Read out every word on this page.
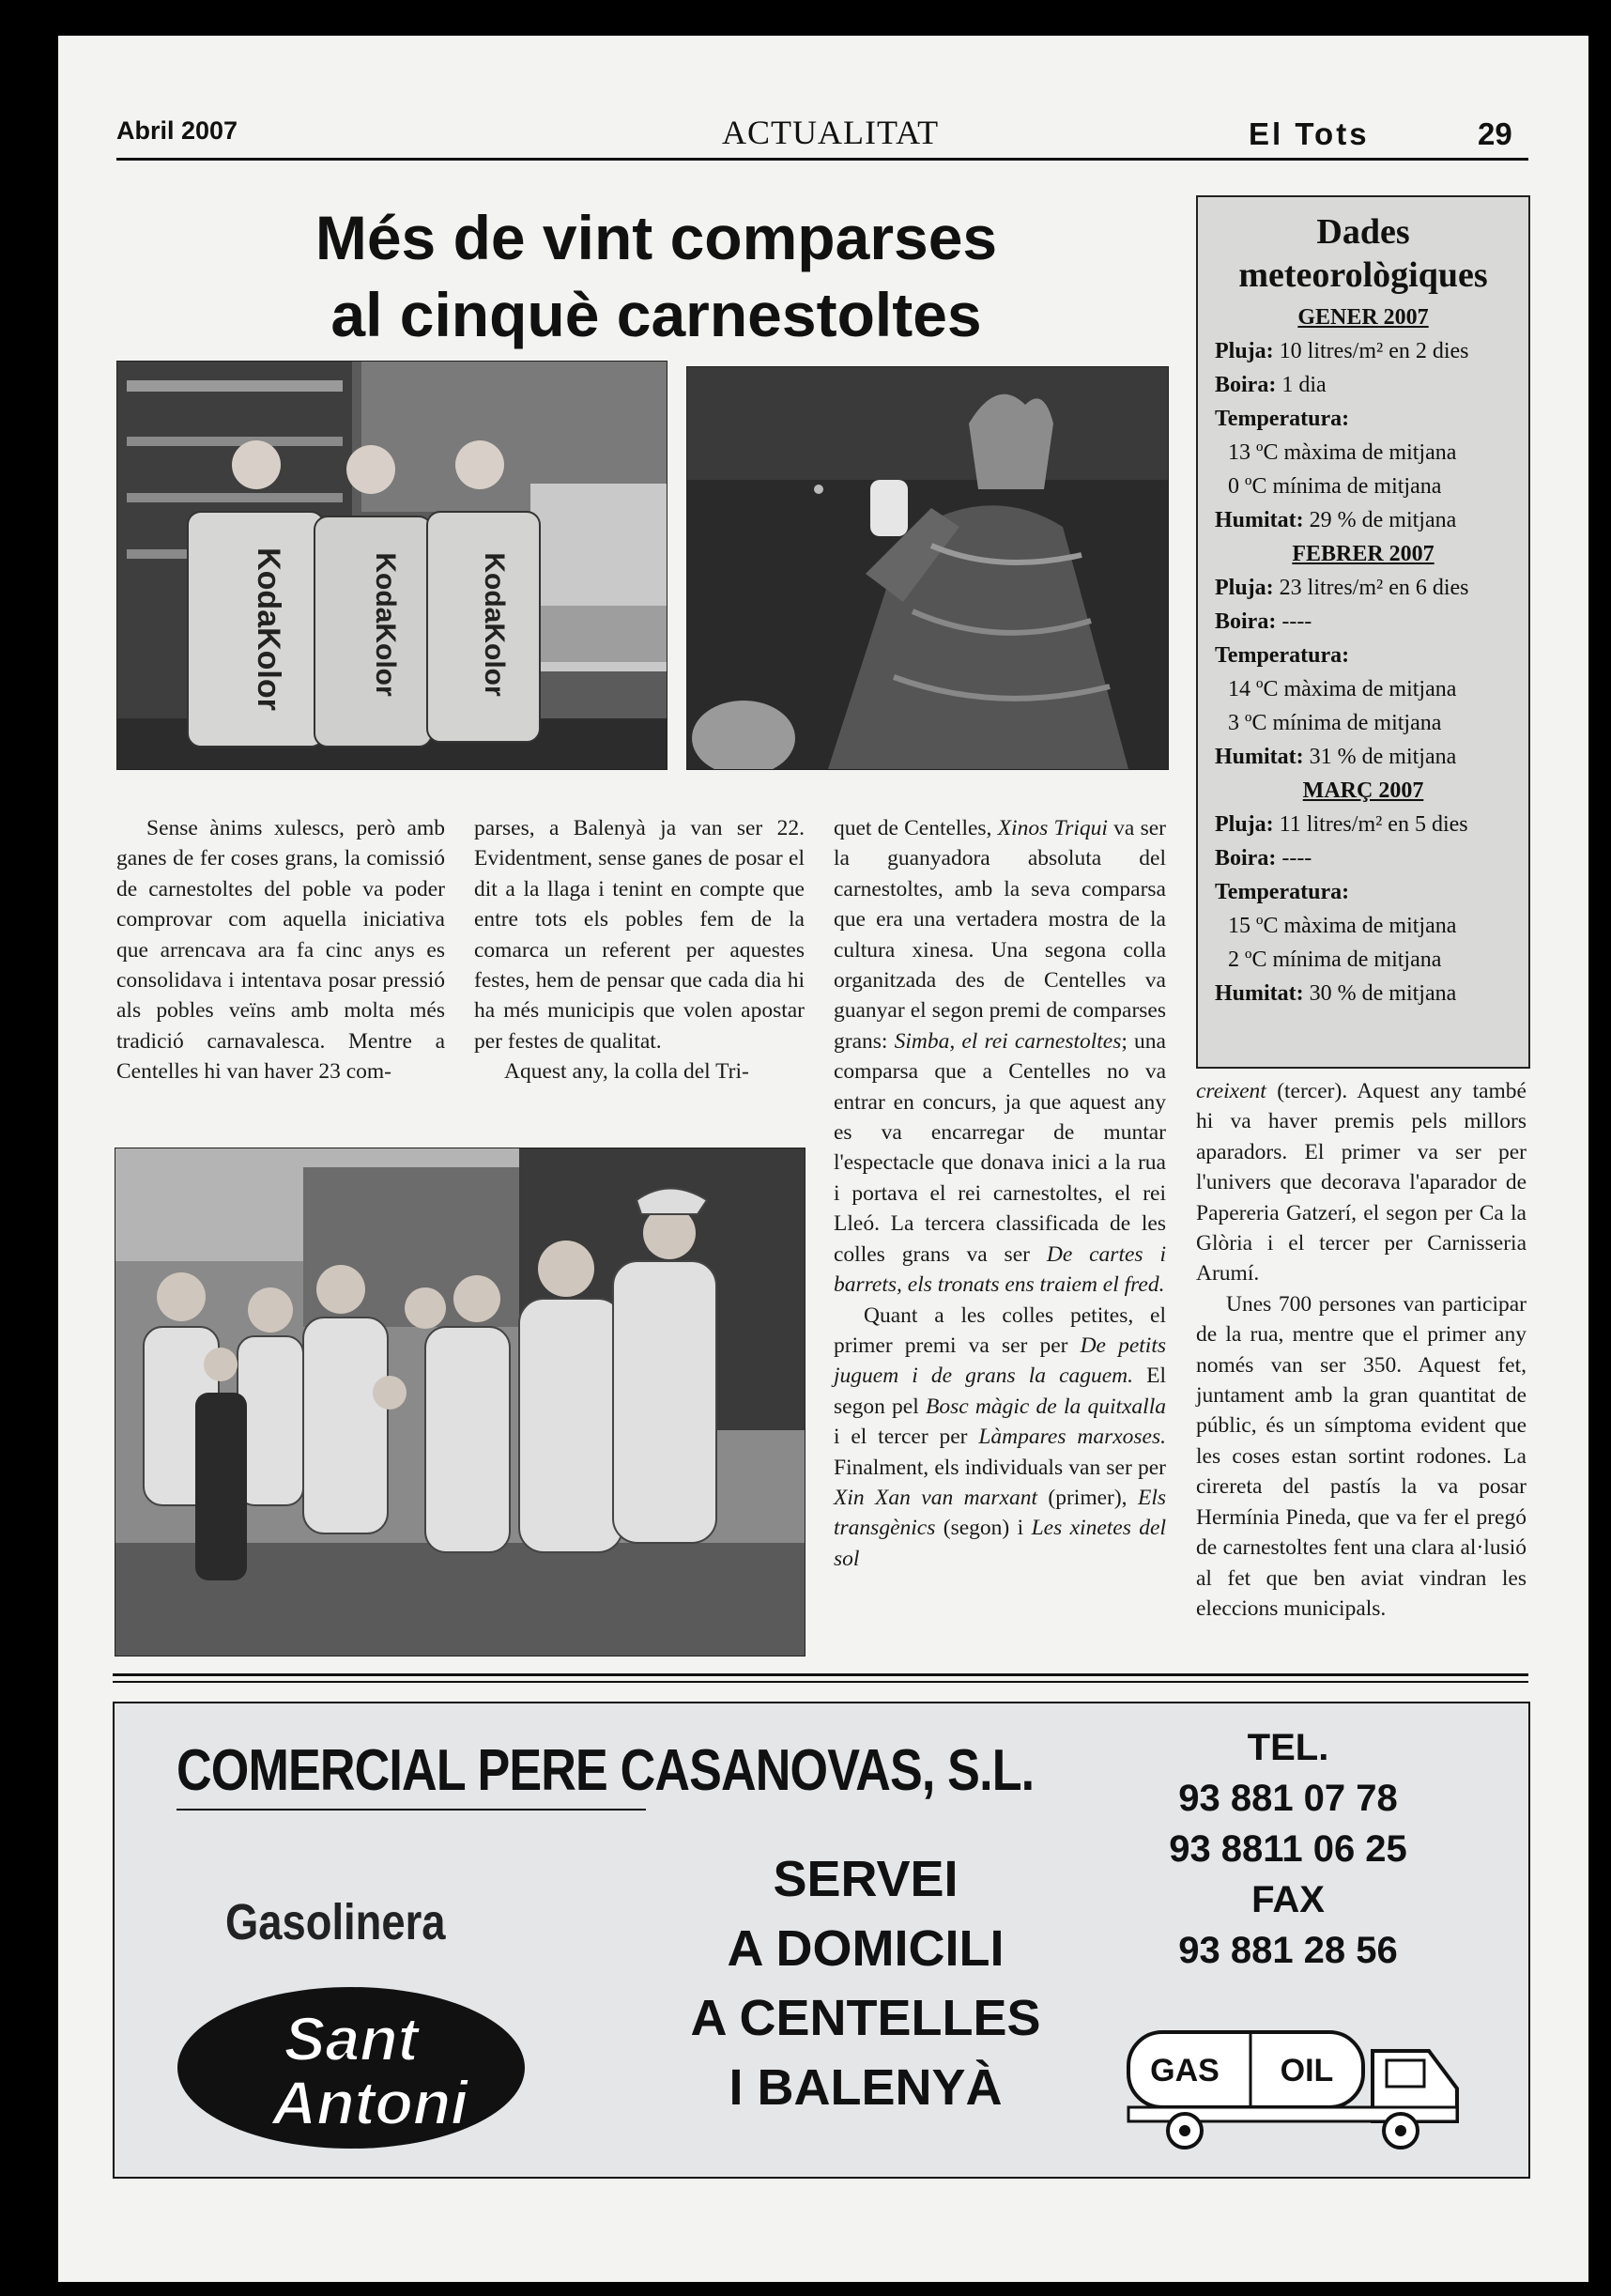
Abril 2007	ACTUALITAT	El Tots	29
Més de vint comparses
al cinquè carnestoltes
KodaKolor	KodaKolor	KodaKolor

Sense ànims xulescs, però amb ganes de fer coses grans, la comissió de carnestoltes del poble va poder comprovar com aquella iniciativa que arrencava ara fa cinc anys es consolidava i intentava posar pressió als pobles veïns amb molta més tradició carnavalesca. Mentre a Centelles hi van haver 23 com-

parses, a Balenyà ja van ser 22. Evidentment, sense ganes de posar el dit a la llaga i tenint en compte que entre tots els pobles fem de la comarca un referent per aquestes festes, hem de pensar que cada dia hi ha més municipis que volen apostar per festes de qualitat.

Aquest any, la colla del Tri-

quet de Centelles, Xinos Triqui va ser la guanyadora absoluta del carnestoltes, amb la seva comparsa que era una vertadera mostra de la cultura xinesa. Una segona colla organitzada des de Centelles va guanyar el segon premi de comparses grans: Simba, el rei carnestoltes; una comparsa que a Centelles no va entrar en concurs, ja que aquest any es va encarregar de muntar l'espectacle que donava inici a la rua i portava el rei carnestoltes, el rei Lleó. La tercera classificada de les colles grans va ser De cartes i barrets, els tronats ens traiem el fred.

Quant a les colles petites, el primer premi va ser per De petits juguem i de grans la caguem. El segon pel Bosc màgic de la quitxalla i el tercer per Làmpares marxoses. Finalment, els individuals van ser per Xin Xan van marxant (primer), Els transgènics (segon) i Les xinetes del sol

creixent (tercer). Aquest any també hi va haver premis pels millors aparadors. El primer va ser per l'univers que decorava l'aparador de Papereria Gatzerí, el segon per Ca la Glòria i el tercer per Carnisseria Arumí.

Unes 700 persones van participar de la rua, mentre que el primer any només van ser 350. Aquest fet, juntament amb la gran quantitat de públic, és un símptoma evident que les coses estan sortint rodones. La cirereta del pastís la va posar Hermínia Pineda, que va fer el pregó de carnestoltes fent una clara al·lusió al fet que ben aviat vindran les eleccions municipals.

Dades
meteorològiques
GENER 2007
Pluja: 10 litres/m² en 2 dies
Boira: 1 dia
Temperatura:
13 ºC màxima de mitjana
0 ºC mínima de mitjana
Humitat: 29 % de mitjana
FEBRER 2007
Pluja: 23 litres/m² en 6 dies
Boira: ----
Temperatura:
14 ºC màxima de mitjana
3 ºC mínima de mitjana
Humitat: 31 % de mitjana
MARÇ 2007
Pluja: 11 litres/m² en 5 dies
Boira: ----
Temperatura:
15 ºC màxima de mitjana
2 ºC mínima de mitjana
Humitat: 30 % de mitjana
COMERCIAL PERE CASANOVAS, S.L.
Gasolinera
Sant
Antoni
SERVEI
A DOMICILI
A CENTELLES
I BALENYÀ
TEL.
93 881 07 78
93 8811 06 25
FAX
93 881 28 56
GAS OIL
